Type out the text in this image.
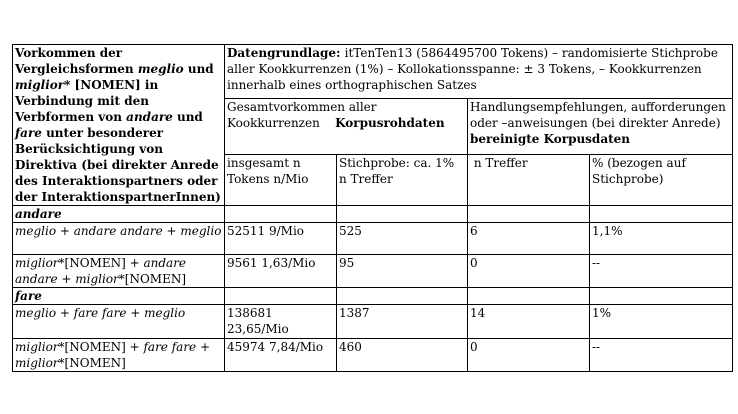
Vorkommen der Vergleichsformen meglio und miglior* [NOMEN] in Verbindung mit den Verbformen von andare und fare unter besonderer Berücksichtigung von Direktiva (bei direkter Anrede des Interaktionspartners oder der InteraktionspartnerInnen)	Datengrundlage: itTenTen13 (5864495700 Tokens) – randomisierte Stichprobe aller Kookkurrenzen (1%) – Kollokationsspanne: ± 3 Tokens, – Kookkurrenzen innerhalb eines orthographischen Satzes			
	Gesamtvorkommen aller Kookkurrenzen Korpusrohdaten		Handlungsempfehlungen, aufforderungen oder –anweisungen (bei direkter Anrede) bereinigte Korpusdaten	
	insgesamt n Tokens n/Mio	Stichprobe: ca. 1% n Treffer	n Treffer	% (bezogen auf Stichprobe)
andare				
meglio + andare andare + meglio	52511 9/Mio	525	6	1,1%
miglior*[NOMEN] + andare andare + miglior*[NOMEN]	9561 1,63/Mio	95	0	--
fare				
meglio + fare fare + meglio	138681 23,65/Mio	1387	14	1%
miglior*[NOMEN] + fare fare + miglior*[NOMEN]	45974 7,84/Mio	460	0	--
